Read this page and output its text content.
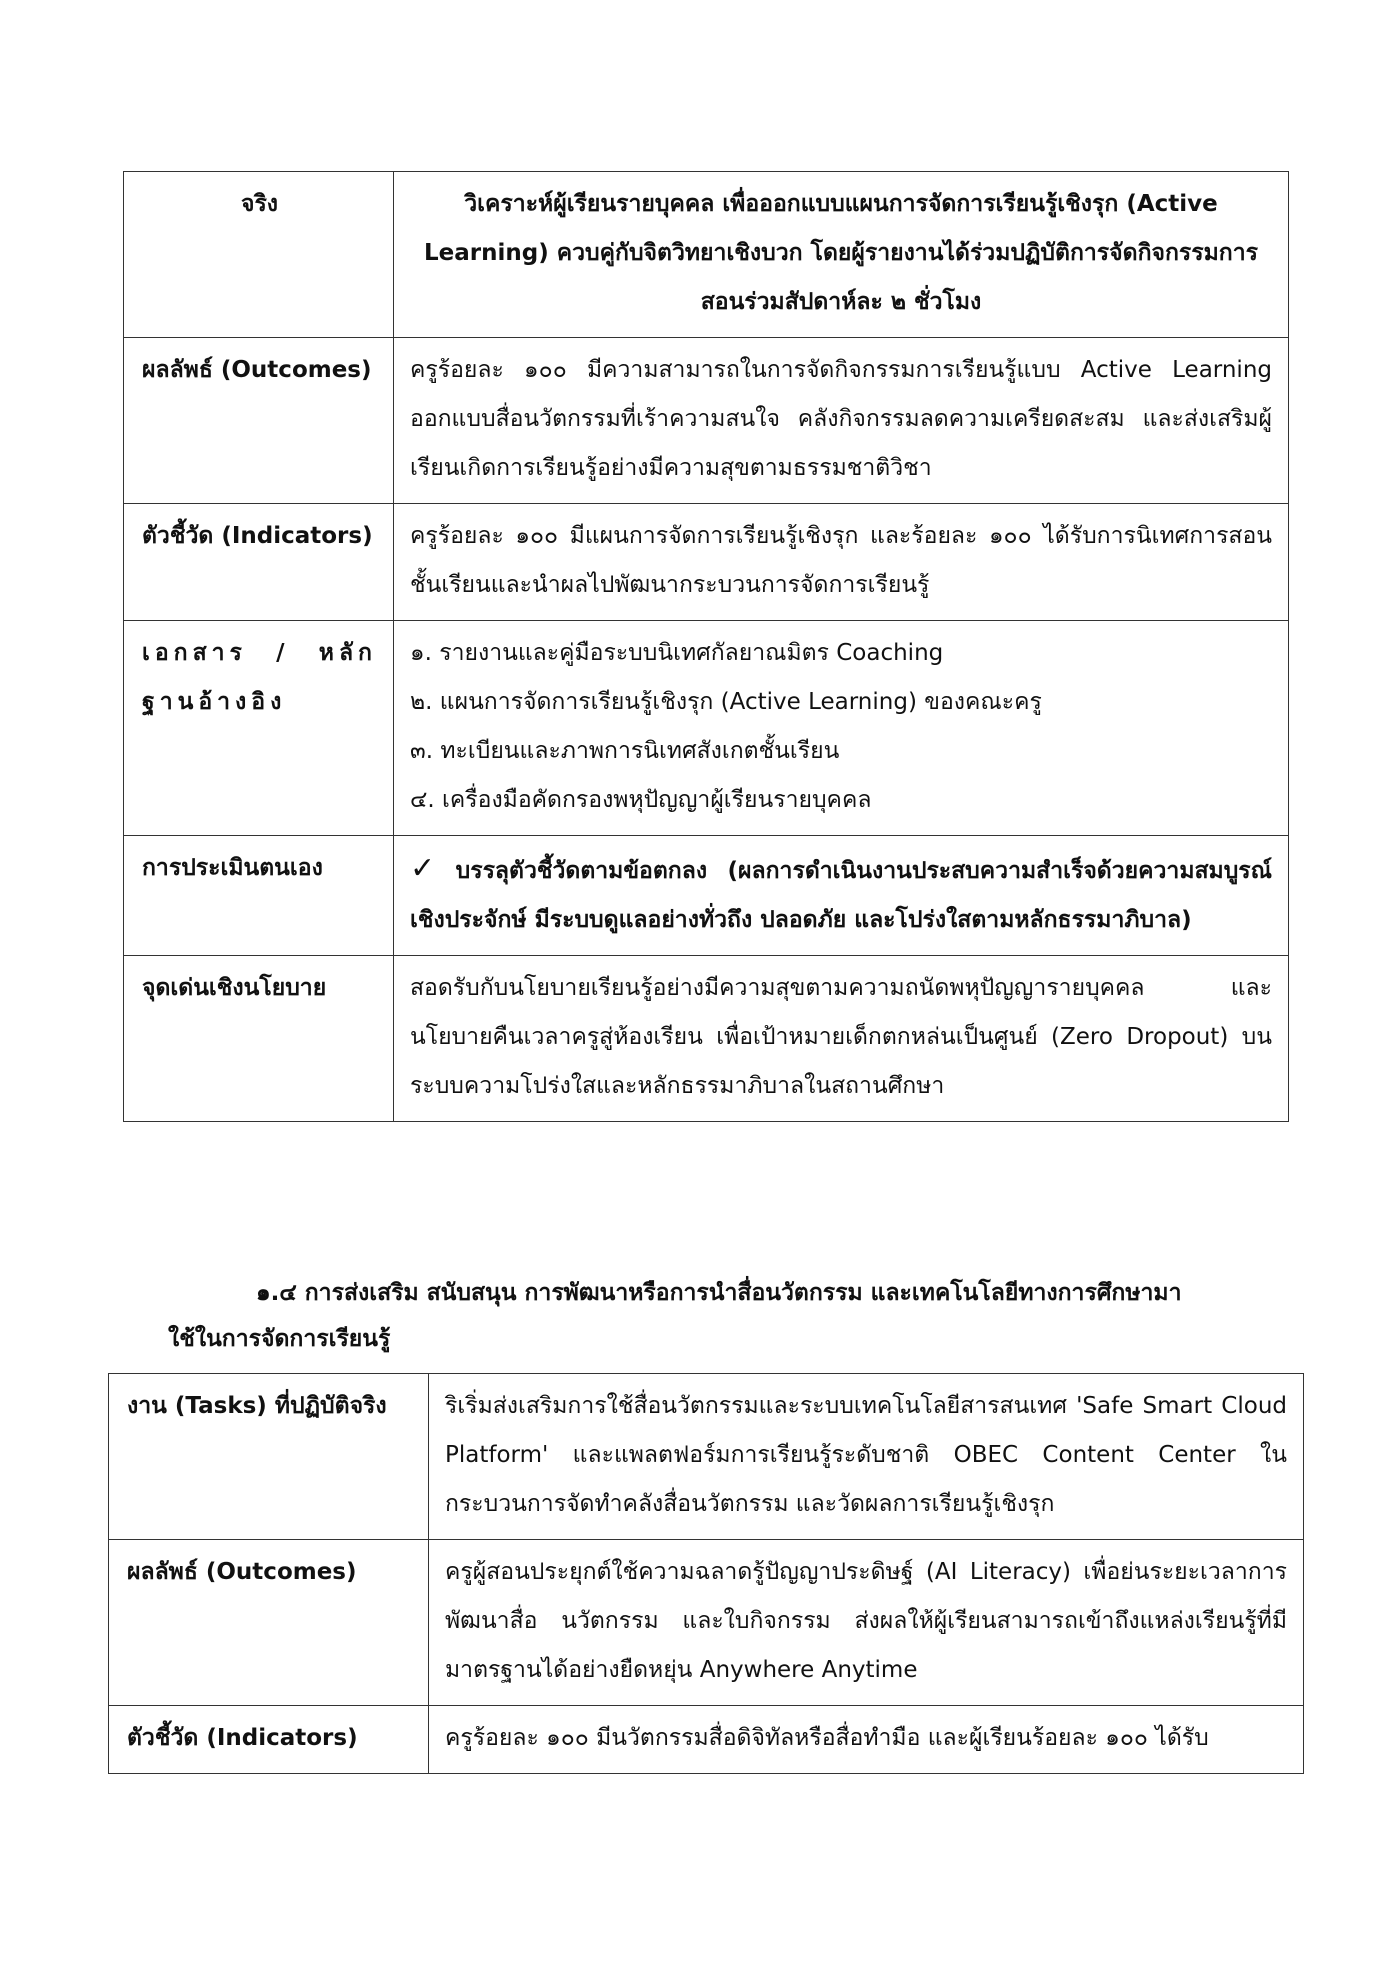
จริง	วิเคราะห์ผู้เรียนรายบุคคล เพื่อออกแบบแผนการจัดการเรียนรู้เชิงรุก (Active Learning) ควบคู่กับจิตวิทยาเชิงบวก โดยผู้รายงานได้ร่วมปฏิบัติการจัดกิจกรรมการสอนร่วมสัปดาห์ละ ๒ ชั่วโมง
ผลลัพธ์ (Outcomes)	ครูร้อยละ ๑๐๐ มีความสามารถในการจัดกิจกรรมการเรียนรู้แบบ Active Learning ออกแบบสื่อนวัตกรรมที่เร้าความสนใจ คลังกิจกรรมลดความเครียดสะสม และส่งเสริมผู้เรียนเกิดการเรียนรู้อย่างมีความสุขตามธรรมชาติวิชา
ตัวชี้วัด (Indicators)	ครูร้อยละ ๑๐๐ มีแผนการจัดการเรียนรู้เชิงรุก และร้อยละ ๑๐๐ ได้รับการนิเทศการสอนชั้นเรียนและนำผลไปพัฒนากระบวนการจัดการเรียนรู้
เอกสาร / หลักฐานอ้างอิง	๑. รายงานและคู่มือระบบนิเทศกัลยาณมิตร Coaching
๒. แผนการจัดการเรียนรู้เชิงรุก (Active Learning) ของคณะครู
๓. ทะเบียนและภาพการนิเทศสังเกตชั้นเรียน
๔. เครื่องมือคัดกรองพหุปัญญาผู้เรียนรายบุคคล

การประเมินตนเอง	✓ บรรลุตัวชี้วัดตามข้อตกลง (ผลการดำเนินงานประสบความสำเร็จด้วยความสมบูรณ์เชิงประจักษ์ มีระบบดูแลอย่างทั่วถึง ปลอดภัย และโปร่งใสตามหลักธรรมาภิบาล)
จุดเด่นเชิงนโยบาย	สอดรับกับนโยบายเรียนรู้อย่างมีความสุขตามความถนัดพหุปัญญารายบุคคล และนโยบายคืนเวลาครูสู่ห้องเรียน เพื่อเป้าหมายเด็กตกหล่นเป็นศูนย์ (Zero Dropout) บนระบบความโปร่งใสและหลักธรรมาภิบาลในสถานศึกษา
๑.๔ การส่งเสริม สนับสนุน การพัฒนาหรือการนำสื่อนวัตกรรม และเทคโนโลยีทางการศึกษามา
ใช้ในการจัดการเรียนรู้
งาน (Tasks) ที่ปฏิบัติจริง	ริเริ่มส่งเสริมการใช้สื่อนวัตกรรมและระบบเทคโนโลยีสารสนเทศ 'Safe Smart Cloud Platform' และแพลตฟอร์มการเรียนรู้ระดับชาติ OBEC Content Center ในกระบวนการจัดทำคลังสื่อนวัตกรรม และวัดผลการเรียนรู้เชิงรุก
ผลลัพธ์ (Outcomes)	ครูผู้สอนประยุกต์ใช้ความฉลาดรู้ปัญญาประดิษฐ์ (AI Literacy) เพื่อย่นระยะเวลาการพัฒนาสื่อ นวัตกรรม และใบกิจกรรม ส่งผลให้ผู้เรียนสามารถเข้าถึงแหล่งเรียนรู้ที่มีมาตรฐานได้อย่างยืดหยุ่น Anywhere Anytime
ตัวชี้วัด (Indicators)	ครูร้อยละ ๑๐๐ มีนวัตกรรมสื่อดิจิทัลหรือสื่อทำมือ และผู้เรียนร้อยละ ๑๐๐ ได้รับ
